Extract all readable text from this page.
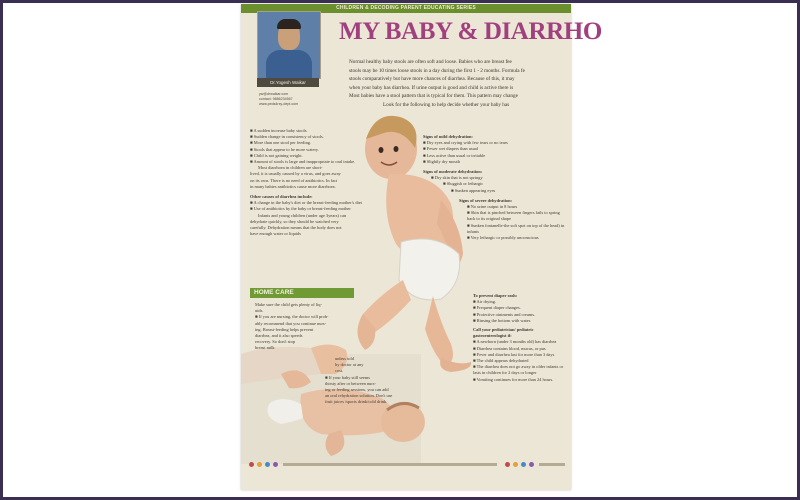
CHILDREN & DECODING PARENT EDUCATING SERIES
Dr.Yogesh Waikar
yw@drwaikar.com
contact: 9886234567
www.peds4rxy-dept.com
MY BABY & DIARRHO
Normal healthy baby stools are often soft and loose. Babies who are breast fee
stools may be 10 times loose stools in a day during the first 1 - 2 months. Formula fe
stools comparatively but have more chances of diarrhea. Because of this, it may
when your baby has diarrhea. If urine output is good and child is active there is
Most babies have a stool pattern that is typical for them. This pattern may change
Look for the following to help decide whether your baby has
■ A sudden increase baby stools.
■ Sudden change in consistency of stools.
■ More than one stool per feeding.
■ Stools that appear to be more watery.
■ Child is not gaining weight.
■ Amount of stools is large and inappropriate to oral intake.
Most diarrhoea in children are short-
lived, it is usually caused by a virus, and goes away
on its own. There is no need of antibiotics. In fact
in many babies antibiotics cause more diarrhoea.
Other causes of diarrhea include:
■ A change in the baby's diet or the breast-feeding mother's diet
■ Use of antibiotics by the baby or breast-feeding mother
Infants and young children (under age 3years) can
dehydrate quickly, so they should be watched very
carefully. Dehydration means that the body does not
have enough water or liquids
HOME CARE
Make sure the child gets plenty of liq-
uids.
■ If you are nursing, the doctor will prob-
ably recommend that you continue nurs-
ing. Breast-feeding helps prevent
diarrhea, and it also speeds
recovery. So don't stop
breast milk
unless told
by doctor at any
cost.
■ If your baby still seems
thirsty after or between nurs-
ing or feeding sessions, you can add
an oral rehydration solution. Don't use
fruit juices /sports drink/cold drink.
Signs of mild dehydration:
■ Dry eyes and crying with few tears or no tears
■ Fewer wet diapers than usual
■ Less active than usual or irritable
■ Slightly dry mouth
Signs of moderate dehydration:
■ Dry skin that is not springy
■ Sluggish or lethargic
■ Sunken appearing eyes
Signs of severe dehydration:
■ No urine output in 8 hours
■ Skin that is pinched between fingers fails to spring back to its original shape
■ Sunken fontanelle-the soft spot on top of the head) in infants
■ Very lethargic or possibly unconscious
To prevent diaper rash:
■ Air drying.
■ Frequent diaper changes.
■ Protective ointments and creams.
■ Rinsing the bottom with water.
Call your pediatrician/ pediatric gastroenterologist if:
■ A newborn (under 3 months old) has diarrhea
■ Diarrhea contains blood, mucus, or pus
■ Fever and diarrhea last for more than 3 days
■ The child appears dehydrated
■ The diarrhea does not go away in older infants or lasts in children for 2 days or longer
■ Vomiting continues for more than 24 hours.
